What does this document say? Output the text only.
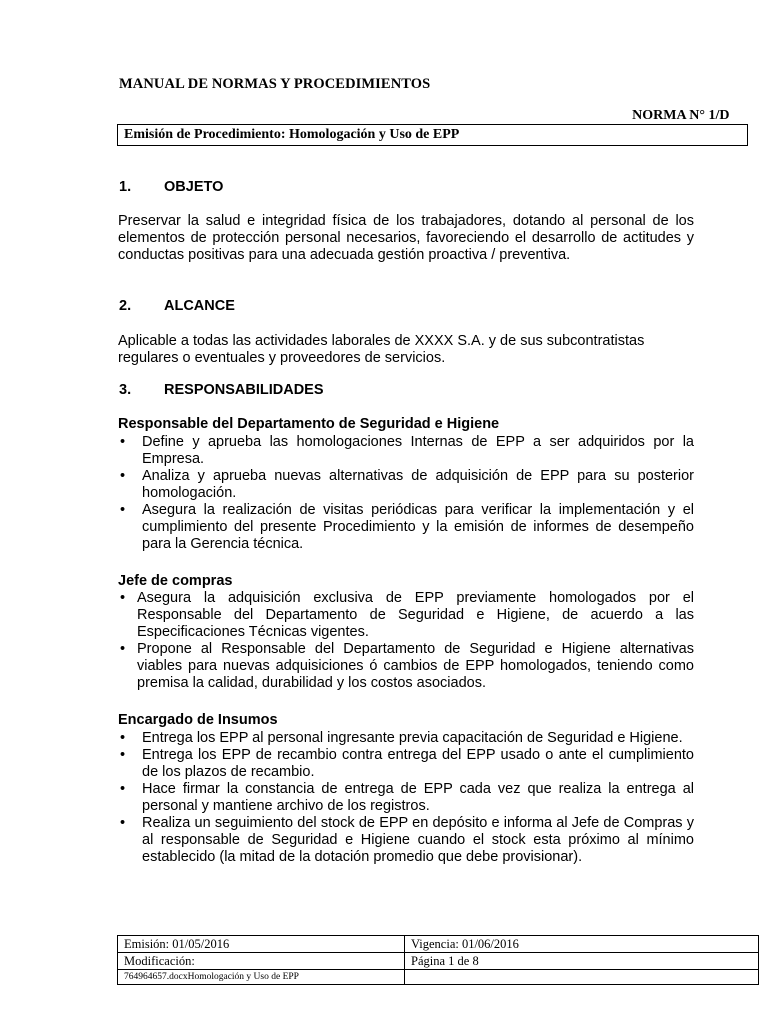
MANUAL DE NORMAS Y PROCEDIMIENTOS
NORMA N° 1/D
Emisión de Procedimiento: Homologación y Uso de EPP
1. OBJETO
Preservar la salud e integridad física de los trabajadores, dotando al personal de los elementos de protección personal necesarios, favoreciendo el desarrollo de actitudes y conductas positivas para una adecuada gestión proactiva / preventiva.
2. ALCANCE
Aplicable a todas las actividades laborales de XXXX S.A. y de sus subcontratistas regulares o eventuales y proveedores de servicios.
3. RESPONSABILIDADES
Responsable del Departamento de Seguridad e Higiene
• Define y aprueba las homologaciones Internas de EPP a ser adquiridos por la Empresa.
• Analiza y aprueba nuevas alternativas de adquisición de EPP para su posterior homologación.
• Asegura la realización de visitas periódicas para verificar la implementación y el cumplimiento del presente Procedimiento y la emisión de informes de desempeño para la Gerencia técnica.
Jefe de compras
• Asegura la adquisición exclusiva de EPP previamente homologados por el Responsable del Departamento de Seguridad e Higiene, de acuerdo a las Especificaciones Técnicas vigentes.
• Propone al Responsable del Departamento de Seguridad e Higiene alternativas viables para nuevas adquisiciones ó cambios de EPP homologados, teniendo como premisa la calidad, durabilidad y los costos asociados.
Encargado de Insumos
• Entrega los EPP al personal ingresante previa capacitación de Seguridad e Higiene.
• Entrega los EPP de recambio contra entrega del EPP usado o ante el cumplimiento de los plazos de recambio.
• Hace firmar la constancia de entrega de EPP cada vez que realiza la entrega al personal y mantiene archivo de los registros.
• Realiza un seguimiento del stock de EPP en depósito e informa al Jefe de Compras y al responsable de Seguridad e Higiene cuando el stock esta próximo al mínimo establecido (la mitad de la dotación promedio que debe provisionar).
Emisión: 01/05/2016	Vigencia: 01/06/2016
Modificación:	Página 1 de 8
764964657.docxHomologación y Uso de EPP	
